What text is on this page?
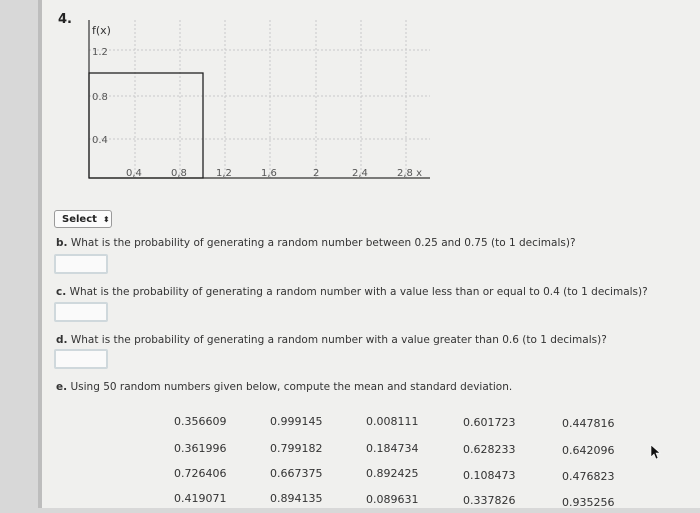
4.
f(x)
1.2
0.8
0.4
0,4	0,8	1,2	1,6	2	2,4	2,8 x
Select ⬍
b. What is the probability of generating a random number between 0.25 and 0.75 (to 1 decimals)?
c. What is the probability of generating a random number with a value less than or equal to 0.4 (to 1 decimals)?
d. What is the probability of generating a random number with a value greater than 0.6 (to 1 decimals)?
e. Using 50 random numbers given below, compute the mean and standard deviation.
0.356609	0.999145	0.008111	0.601723	0.447816
0.361996	0.799182	0.184734	0.628233	0.642096
0.726406	0.667375	0.892425	0.108473	0.476823
0.419071	0.894135	0.089631	0.337826	0.935256
